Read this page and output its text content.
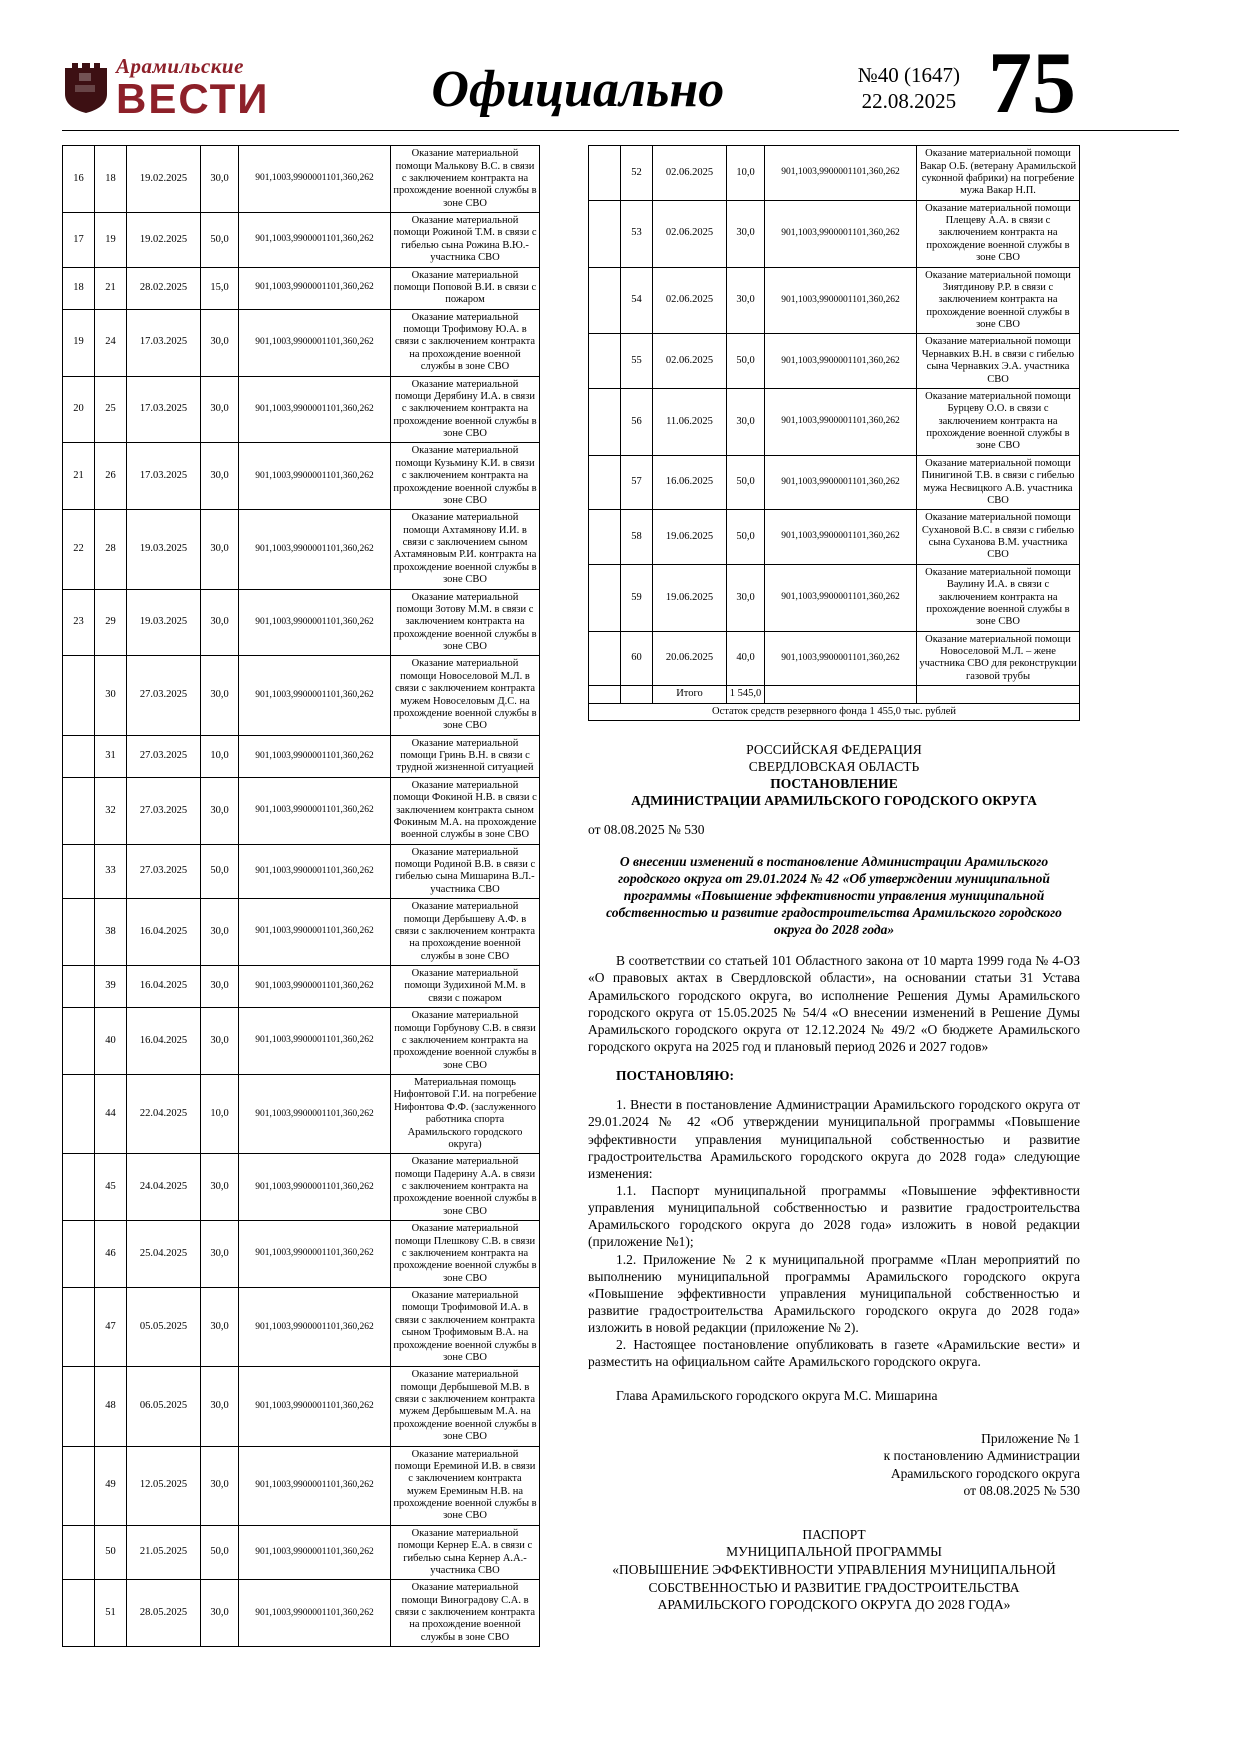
Арамильские
ВЕСТИ	Официально	№40 (1647)
22.08.2025 75
16	18	19.02.2025	30,0	901,1003,9900001101,360,262	Оказание материальной помощи Малькову В.С. в связи с заключением контракта на прохождение военной службы в зоне СВО
17	19	19.02.2025	50,0	901,1003,9900001101,360,262	Оказание материальной помощи Рожиной Т.М. в связи с гибелью сына Рожина В.Ю.- участника СВО
18	21	28.02.2025	15,0	901,1003,9900001101,360,262	Оказание материальной помощи Поповой В.И. в связи с пожаром
19	24	17.03.2025	30,0	901,1003,9900001101,360,262	Оказание материальной помощи Трофимову Ю.А. в связи с заключением контракта на прохождение военной службы в зоне СВО
20	25	17.03.2025	30,0	901,1003,9900001101,360,262	Оказание материальной помощи Дерябину И.А. в связи с заключением контракта на прохождение военной службы в зоне СВО
21	26	17.03.2025	30,0	901,1003,9900001101,360,262	Оказание материальной помощи Кузьмину К.И. в связи с заключением контракта на прохождение военной службы в зоне СВО
22	28	19.03.2025	30,0	901,1003,9900001101,360,262	Оказание материальной помощи Ахтамянову И.И. в связи с заключением сыном Ахтамяновым Р.И. контракта на прохождение военной службы в зоне СВО
23	29	19.03.2025	30,0	901,1003,9900001101,360,262	Оказание материальной помощи Зотову М.М. в связи с заключением контракта на прохождение военной службы в зоне СВО
	30	27.03.2025	30,0	901,1003,9900001101,360,262	Оказание материальной помощи Новоселовой М.Л. в связи с заключением контракта мужем Новоселовым Д.С. на прохождение военной службы в зоне СВО
	31	27.03.2025	10,0	901,1003,9900001101,360,262	Оказание материальной помощи Гринь В.Н. в связи с трудной жизненной ситуацией
	32	27.03.2025	30,0	901,1003,9900001101,360,262	Оказание материальной помощи Фокиной Н.В. в связи с заключением контракта сыном Фокиным М.А. на прохождение военной службы в зоне СВО
	33	27.03.2025	50,0	901,1003,9900001101,360,262	Оказание материальной помощи Родиной В.В. в связи с гибелью сына Мишарина В.Л.- участника СВО
	38	16.04.2025	30,0	901,1003,9900001101,360,262	Оказание материальной помощи Дербышеву А.Ф. в связи с заключением контракта на прохождение военной службы в зоне СВО
	39	16.04.2025	30,0	901,1003,9900001101,360,262	Оказание материальной помощи Зудихиной М.М. в связи с пожаром
	40	16.04.2025	30,0	901,1003,9900001101,360,262	Оказание материальной помощи Горбунову С.В. в связи с заключением контракта на прохождение военной службы в зоне СВО
	44	22.04.2025	10,0	901,1003,9900001101,360,262	Материальная помощь Нифонтовой Г.И. на погребение Нифонтова Ф.Ф. (заслуженного работника спорта Арамильского городского округа)
	45	24.04.2025	30,0	901,1003,9900001101,360,262	Оказание материальной помощи Падерину А.А. в связи с заключением контракта на прохождение военной службы в зоне СВО
	46	25.04.2025	30,0	901,1003,9900001101,360,262	Оказание материальной помощи Плешкову С.В. в связи с заключением контракта на прохождение военной службы в зоне СВО
	47	05.05.2025	30,0	901,1003,9900001101,360,262	Оказание материальной помощи Трофимовой И.А. в связи с заключением контракта сыном Трофимовым В.А. на прохождение военной службы в зоне СВО
	48	06.05.2025	30,0	901,1003,9900001101,360,262	Оказание материальной помощи Дербышевой М.В. в связи с заключением контракта мужем Дербышевым М.А. на прохождение военной службы в зоне СВО
	49	12.05.2025	30,0	901,1003,9900001101,360,262	Оказание материальной помощи Ереминой И.В. в связи с заключением контракта мужем Ереминым Н.В. на прохождение военной службы в зоне СВО
	50	21.05.2025	50,0	901,1003,9900001101,360,262	Оказание материальной помощи Кернер Е.А. в связи с гибелью сына Кернер А.А.- участника СВО
	51	28.05.2025	30,0	901,1003,9900001101,360,262	Оказание материальной помощи Виноградову С.А. в связи с заключением контракта на прохождение военной службы в зоне СВО
	52	02.06.2025	10,0	901,1003,9900001101,360,262	Оказание материальной помощи Вакар О.Б. (ветерану Арамильской суконной фабрики) на погребение мужа Вакар Н.П.
	53	02.06.2025	30,0	901,1003,9900001101,360,262	Оказание материальной помощи Плещеву А.А. в связи с заключением контракта на прохождение военной службы в зоне СВО
	54	02.06.2025	30,0	901,1003,9900001101,360,262	Оказание материальной помощи Зиятдинову Р.Р. в связи с заключением контракта на прохождение военной службы в зоне СВО
	55	02.06.2025	50,0	901,1003,9900001101,360,262	Оказание материальной помощи Чернавких В.Н. в связи с гибелью сына Чернавких Э.А. участника СВО
	56	11.06.2025	30,0	901,1003,9900001101,360,262	Оказание материальной помощи Бурцеву О.О. в связи с заключением контракта на прохождение военной службы в зоне СВО
	57	16.06.2025	50,0	901,1003,9900001101,360,262	Оказание материальной помощи Пинигиной Т.В. в связи с гибелью мужа Несвицкого А.В. участника СВО
	58	19.06.2025	50,0	901,1003,9900001101,360,262	Оказание материальной помощи Сухановой В.С. в связи с гибелью сына Суханова В.М. участника СВО
	59	19.06.2025	30,0	901,1003,9900001101,360,262	Оказание материальной помощи Ваулину И.А. в связи с заключением контракта на прохождение военной службы в зоне СВО
	60	20.06.2025	40,0	901,1003,9900001101,360,262	Оказание материальной помощи Новоселовой М.Л. – жене участника СВО для реконструкции газовой трубы
		Итого	1 545,0		
Остаток средств резервного фонда 1 455,0 тыс. рублей					
РОССИЙСКАЯ ФЕДЕРАЦИЯ
СВЕРДЛОВСКАЯ ОБЛАСТЬ
ПОСТАНОВЛЕНИЕ
АДМИНИСТРАЦИИ АРАМИЛЬСКОГО ГОРОДСКОГО ОКРУГА
от 08.08.2025 № 530
О внесении изменений в постановление Администрации Арамильского городского округа от 29.01.2024 № 42 «Об утверждении муниципальной программы «Повышение эффективности управления муниципальной собственностью и развитие градостроительства Арамильского городского округа до 2028 года»

В соответствии со статьей 101 Областного закона от 10 марта 1999 года № 4-ОЗ «О правовых актах в Свердловской области», на основании статьи 31 Устава Арамильского городского округа, во исполнение Решения Думы Арамильского городского округа от 15.05.2025 № 54/4 «О внесении изменений в Решение Думы Арамильского городского округа от 12.12.2024 № 49/2 «О бюджете Арамильского городского округа на 2025 год и плановый период 2026 и 2027 годов»

ПОСТАНОВЛЯЮ:

1. Внести в постановление Администрации Арамильского городского округа от 29.01.2024 № 42 «Об утверждении муниципальной программы «Повышение эффективности управления муниципальной собственностью и развитие градостроительства Арамильского городского округа до 2028 года» следующие изменения:

1.1. Паспорт муниципальной программы «Повышение эффективности управления муниципальной собственностью и развитие градостроительства Арамильского городского округа до 2028 года» изложить в новой редакции (приложение №1);

1.2. Приложение № 2 к муниципальной программе «План мероприятий по выполнению муниципальной программы Арамильского городского округа «Повышение эффективности управления муниципальной собственностью и развитие градостроительства Арамильского городского округа до 2028 года» изложить в новой редакции (приложение № 2).

2. Настоящее постановление опубликовать в газете «Арамильские вести» и разместить на официальном сайте Арамильского городского округа.

Глава Арамильского городского округа М.С. Мишарина
Приложение № 1
к постановлению Администрации
Арамильского городского округа
от 08.08.2025 № 530
ПАСПОРТ
МУНИЦИПАЛЬНОЙ ПРОГРАММЫ
«ПОВЫШЕНИЕ ЭФФЕКТИВНОСТИ УПРАВЛЕНИЯ МУНИЦИПАЛЬНОЙ
СОБСТВЕННОСТЬЮ И РАЗВИТИЕ ГРАДОСТРОИТЕЛЬСТВА
АРАМИЛЬСКОГО ГОРОДСКОГО ОКРУГА ДО 2028 ГОДА»
